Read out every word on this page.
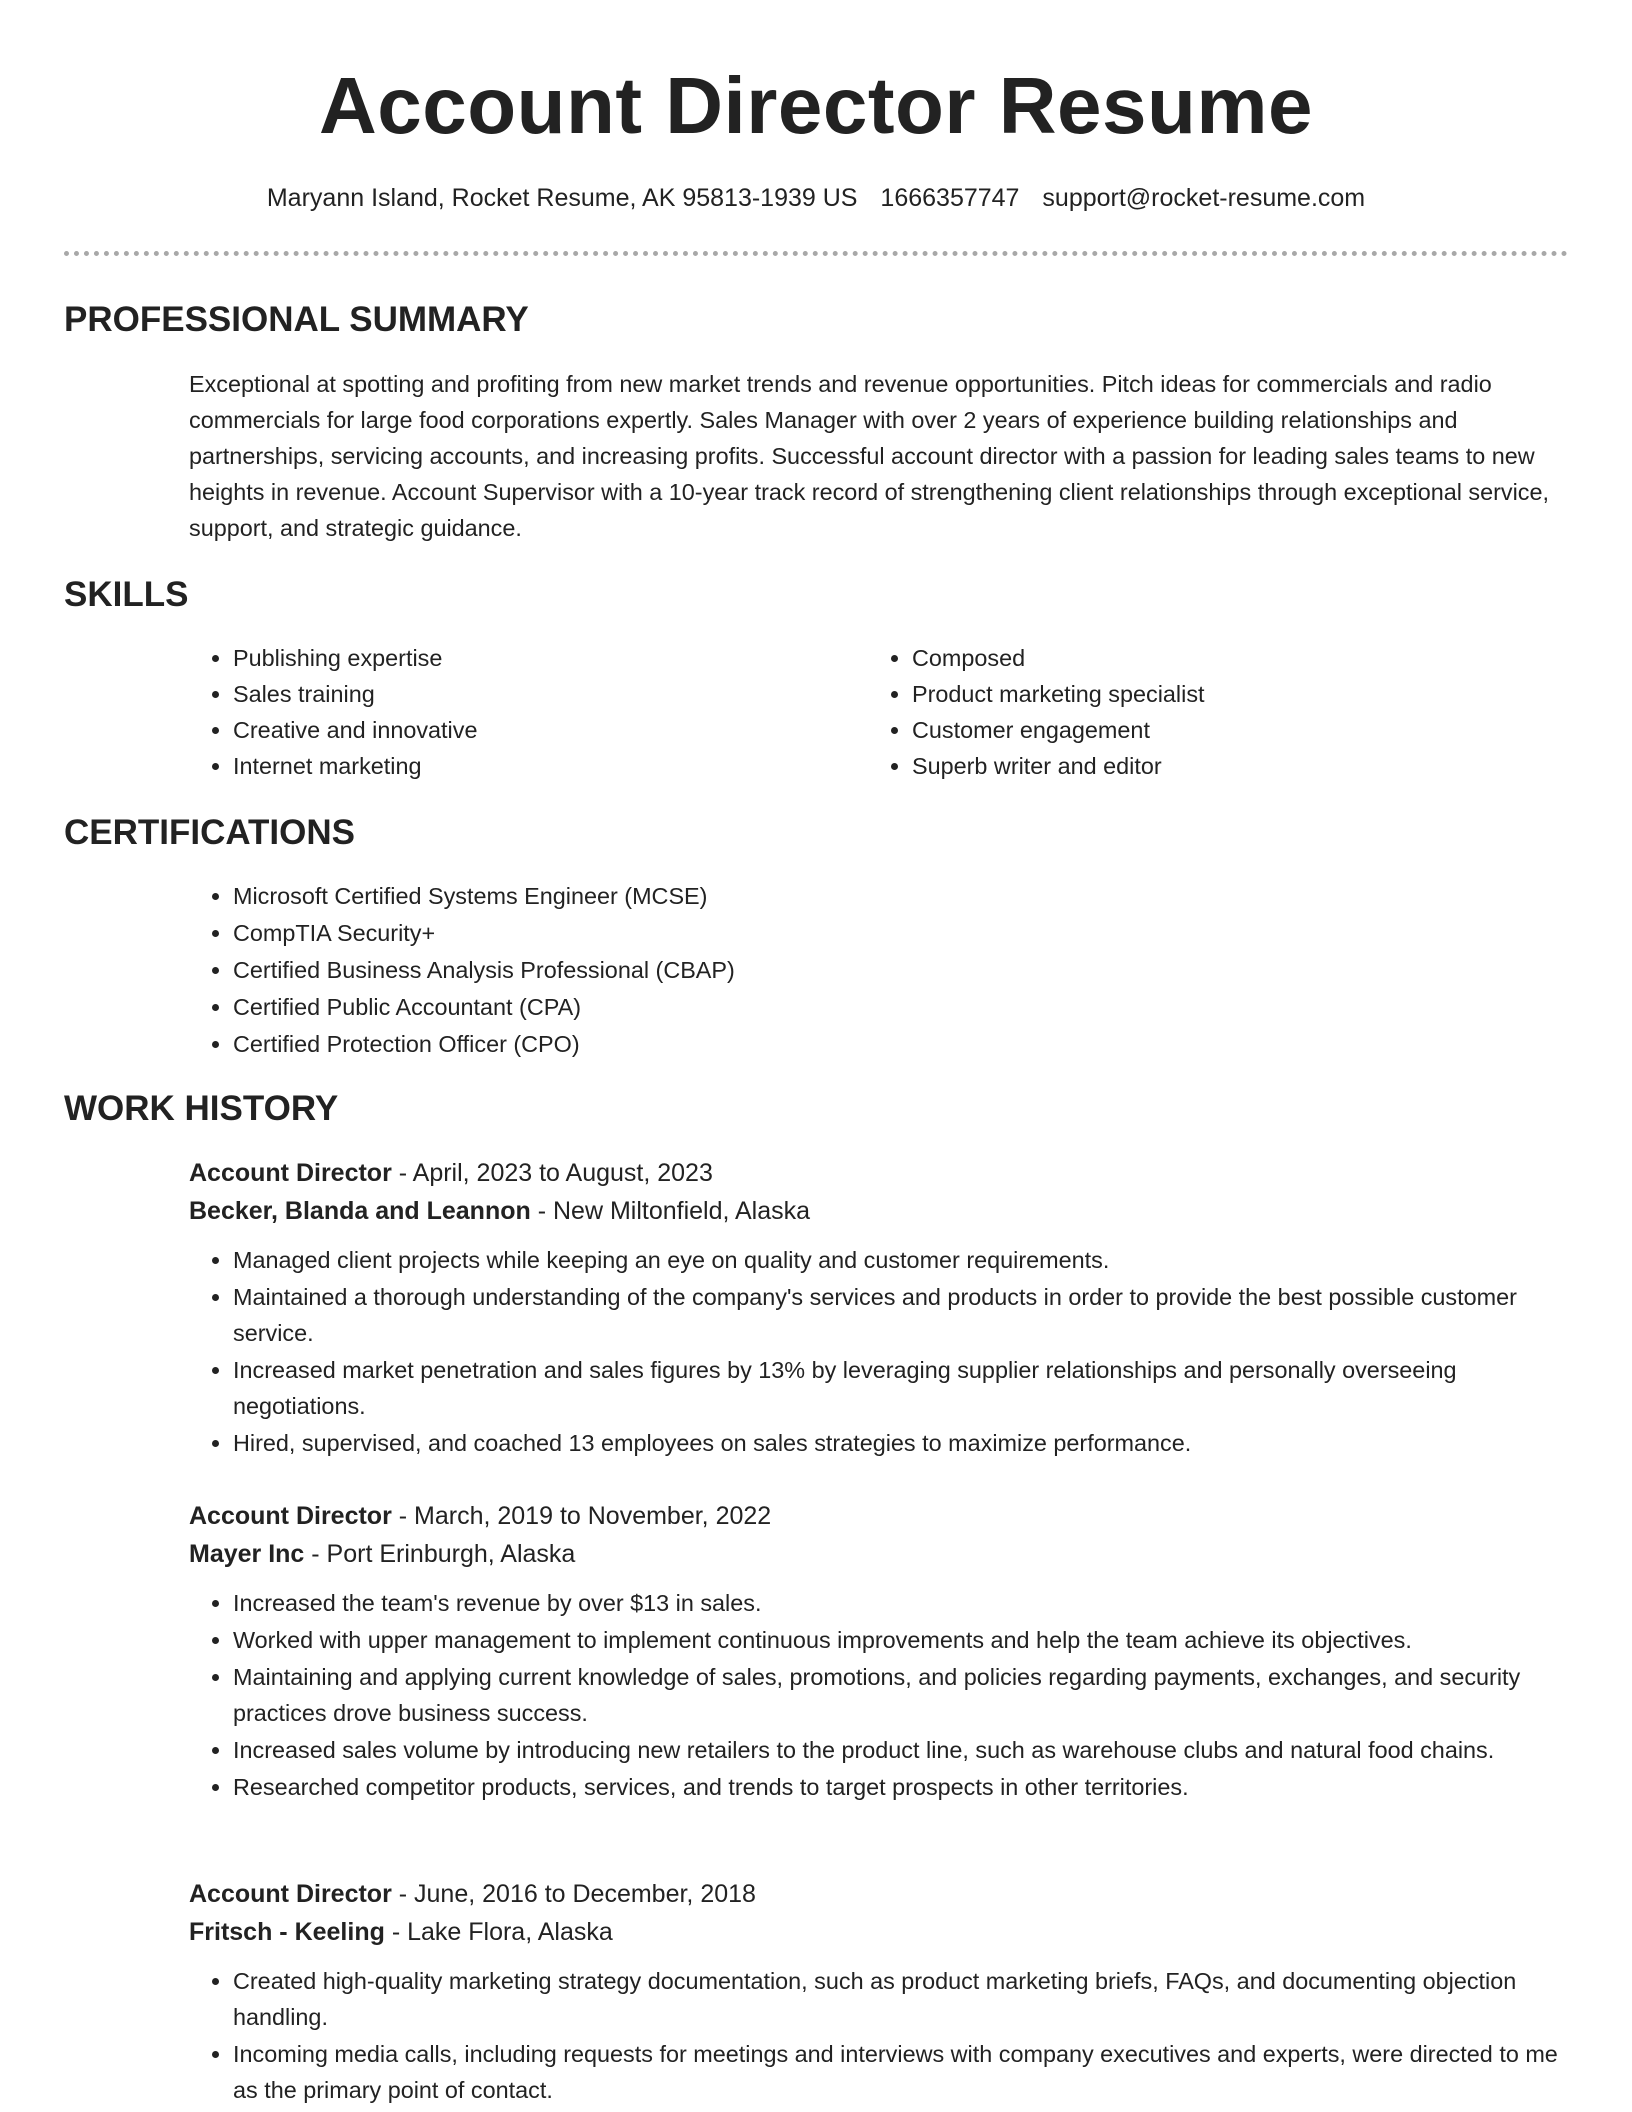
Account Director Resume
Maryann Island, Rocket Resume, AK 95813-1939 US 1666357747 support@rocket-resume.com
PROFESSIONAL SUMMARY

Exceptional at spotting and profiting from new market trends and revenue opportunities. Pitch ideas for commercials and radio commercials for large food corporations expertly. Sales Manager with over 2 years of experience building relationships and partnerships, servicing accounts, and increasing profits. Successful account director with a passion for leading sales teams to new heights in revenue. Account Supervisor with a 10-year track record of strengthening client relationships through exceptional service, support, and strategic guidance.

SKILLS
• Publishing expertise
• Sales training
• Creative and innovative
• Internet marketing
• Composed
• Product marketing specialist
• Customer engagement
• Superb writer and editor
CERTIFICATIONS
• Microsoft Certified Systems Engineer (MCSE)
• CompTIA Security+
• Certified Business Analysis Professional (CBAP)
• Certified Public Accountant (CPA)
• Certified Protection Officer (CPO)
WORK HISTORY

Account Director - April, 2023 to August, 2023

Becker, Blanda and Leannon - New Miltonfield, Alaska

• Managed client projects while keeping an eye on quality and customer requirements.
• Maintained a thorough understanding of the company's services and products in order to provide the best possible customer service.
• Increased market penetration and sales figures by 13% by leveraging supplier relationships and personally overseeing negotiations.
• Hired, supervised, and coached 13 employees on sales strategies to maximize performance.

Account Director - March, 2019 to November, 2022

Mayer Inc - Port Erinburgh, Alaska

• Increased the team's revenue by over $13 in sales.
• Worked with upper management to implement continuous improvements and help the team achieve its objectives.
• Maintaining and applying current knowledge of sales, promotions, and policies regarding payments, exchanges, and security practices drove business success.
• Increased sales volume by introducing new retailers to the product line, such as warehouse clubs and natural food chains.
• Researched competitor products, services, and trends to target prospects in other territories.

Account Director - June, 2016 to December, 2018

Fritsch - Keeling - Lake Flora, Alaska

• Created high-quality marketing strategy documentation, such as product marketing briefs, FAQs, and documenting objection handling.
• Incoming media calls, including requests for meetings and interviews with company executives and experts, were directed to me as the primary point of contact.
